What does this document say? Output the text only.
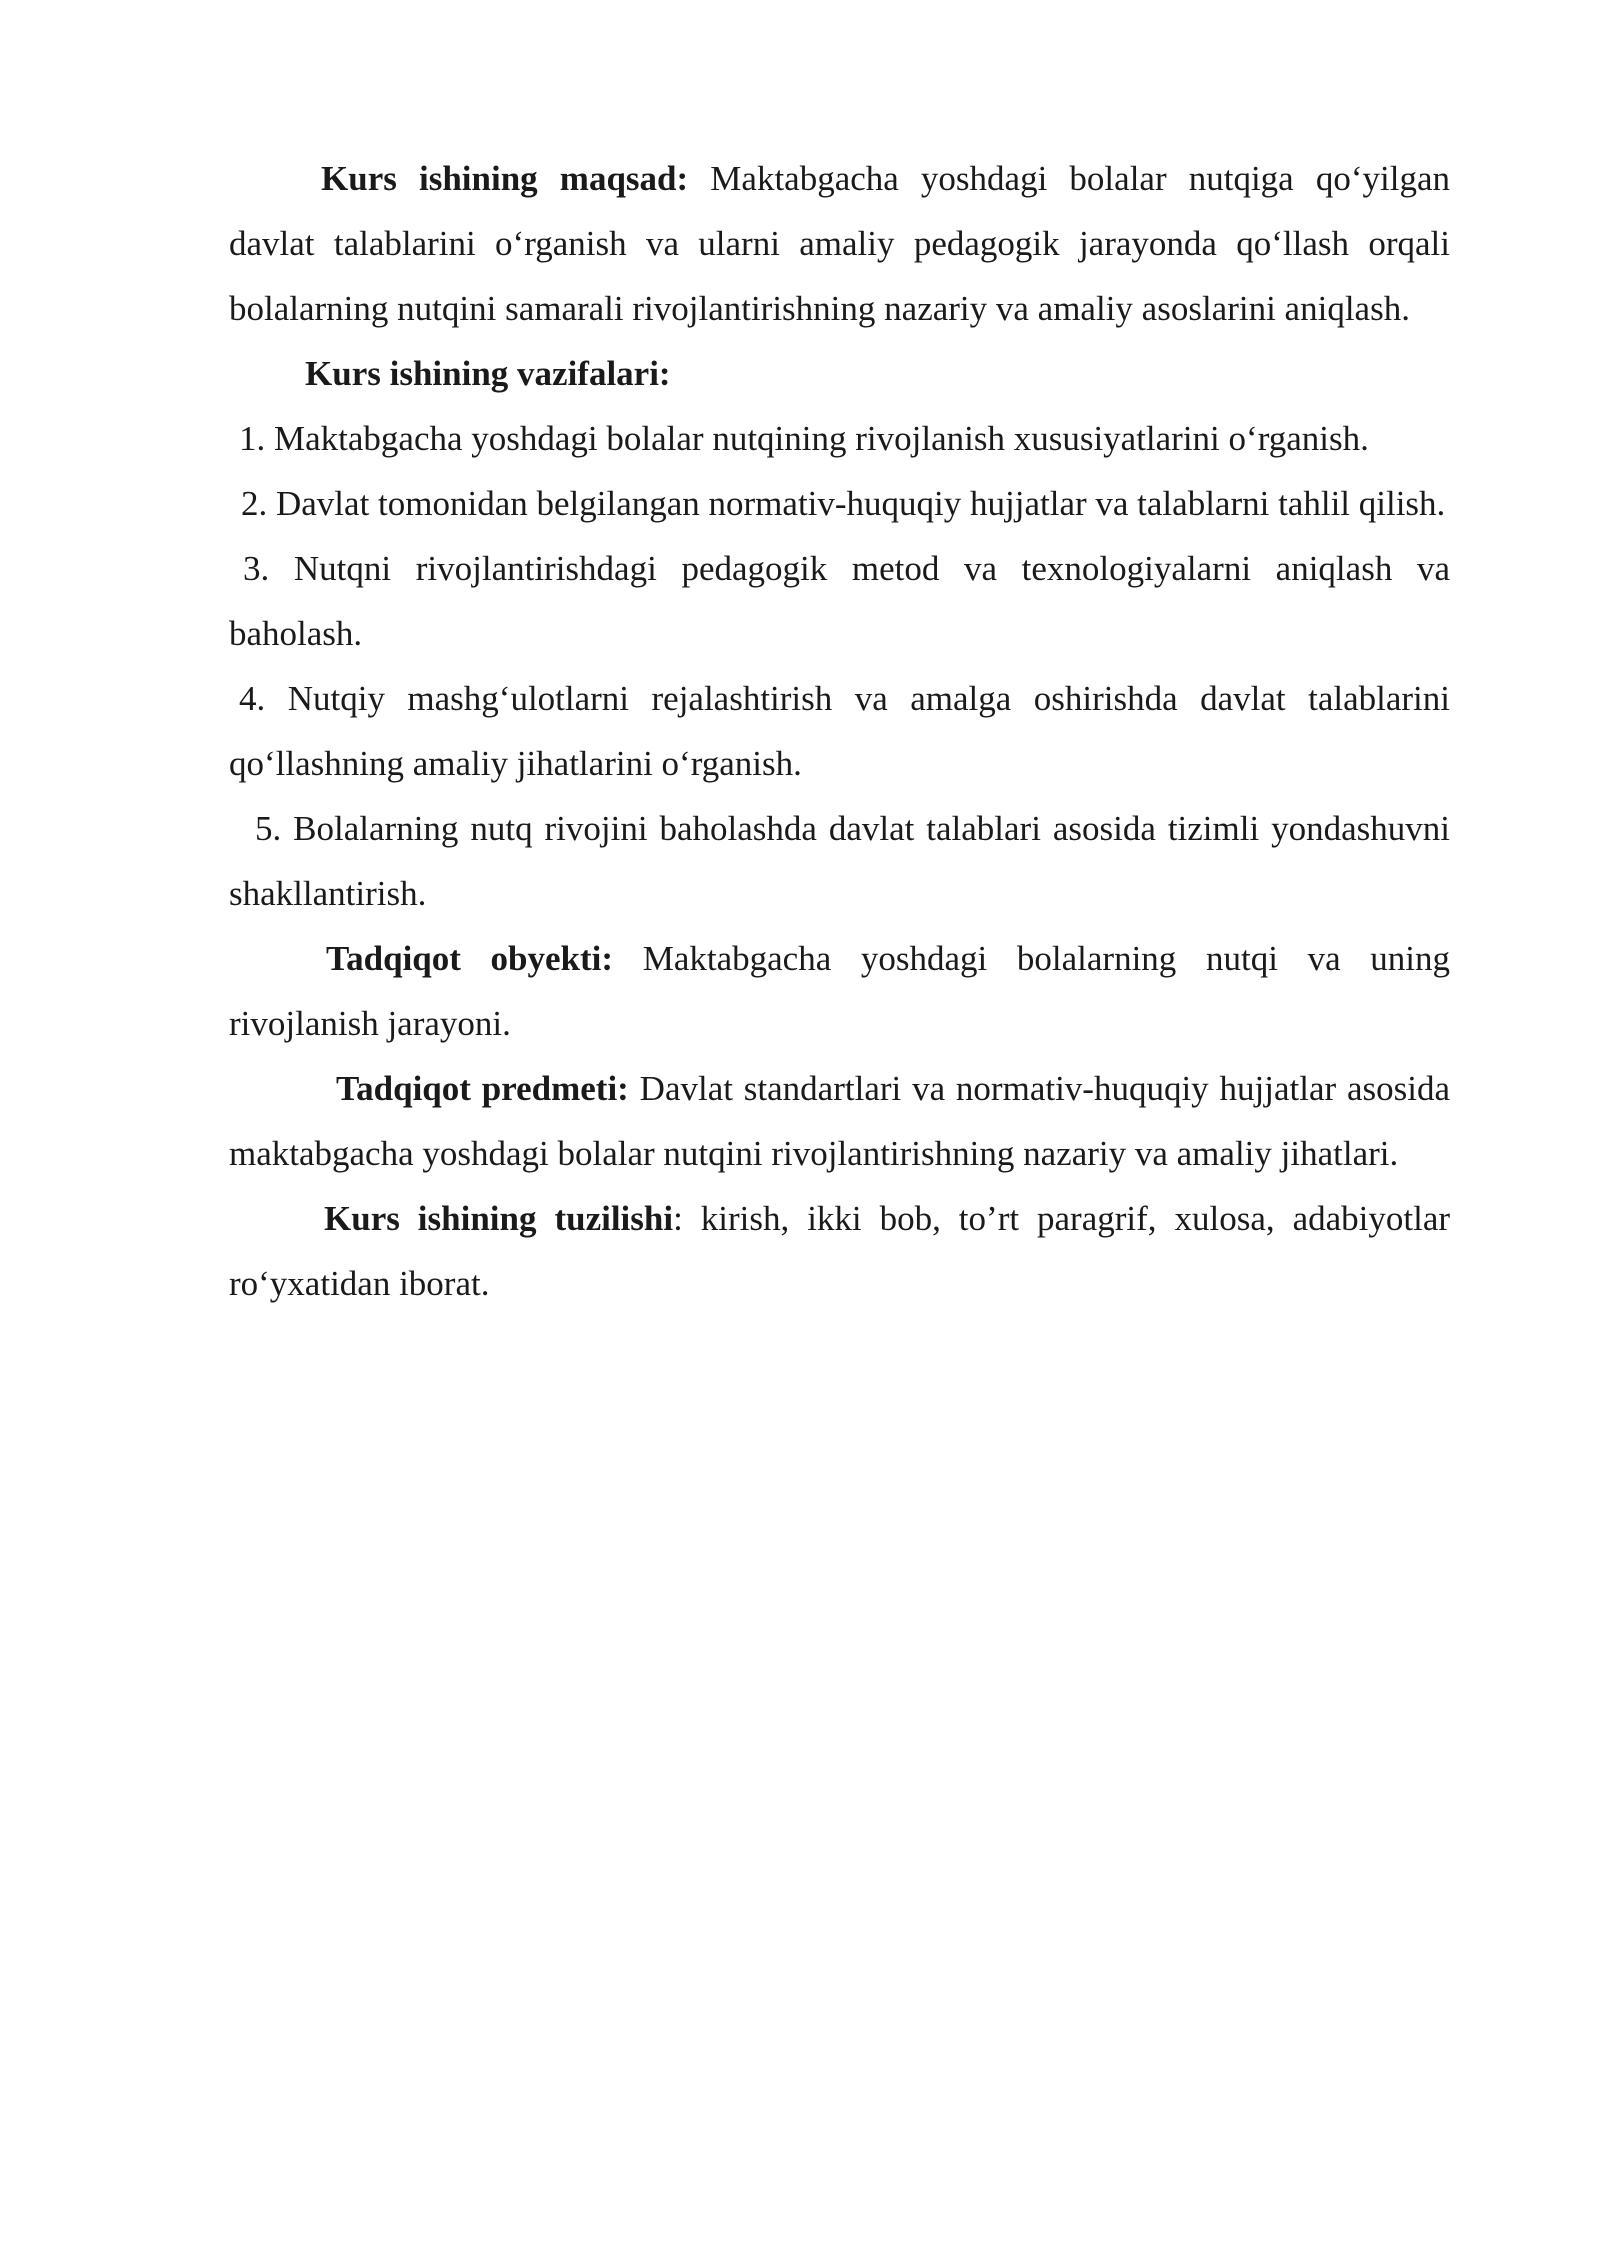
Kurs ishining maqsad: Maktabgacha yoshdagi bolalar nutqiga qo‘yilgan davlat talablarini o‘rganish va ularni amaliy pedagogik jarayonda qo‘llash orqali bolalarning nutqini samarali rivojlantirishning nazariy va amaliy asoslarini aniqlash.

Kurs ishining vazifalari:

1. Maktabgacha yoshdagi bolalar nutqining rivojlanish xususiyatlarini o‘rganish.

2. Davlat tomonidan belgilangan normativ-huquqiy hujjatlar va talablarni tahlil qilish.

3. Nutqni rivojlantirishdagi pedagogik metod va texnologiyalarni aniqlash va baholash.

4. Nutqiy mashg‘ulotlarni rejalashtirish va amalga oshirishda davlat talablarini qo‘llashning amaliy jihatlarini o‘rganish.

5. Bolalarning nutq rivojini baholashda davlat talablari asosida tizimli yondashuvni shakllantirish.

Tadqiqot obyekti: Maktabgacha yoshdagi bolalarning nutqi va uning rivojlanish jarayoni.

Tadqiqot predmeti: Davlat standartlari va normativ-huquqiy hujjatlar asosida maktabgacha yoshdagi bolalar nutqini rivojlantirishning nazariy va amaliy jihatlari.

Kurs ishining tuzilishi: kirish, ikki bob, to’rt paragrif, xulosa, adabiyotlar ro‘yxatidan iborat.
